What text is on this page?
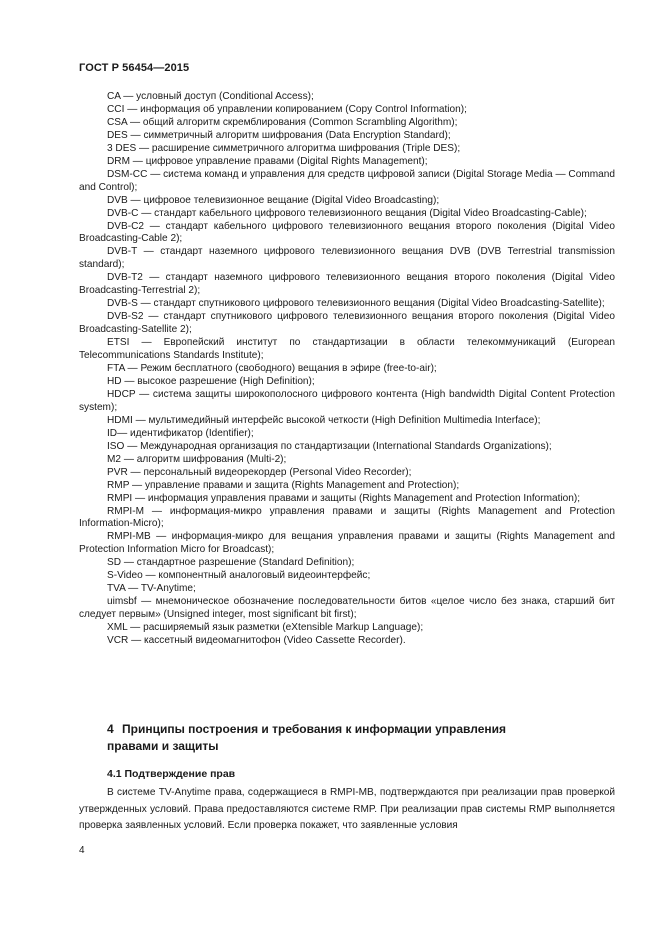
ГОСТ Р 56454—2015

CA — условный доступ (Conditional Access);

CCI — информация об управлении копированием (Copy Control Information);

CSA — общий алгоритм скремблирования (Common Scrambling Algorithm);

DES — симметричный алгоритм шифрования (Data Encryption Standard);

3 DES — расширение симметричного алгоритма шифрования (Triple DES);

DRM — цифровое управление правами (Digital Rights Management);

DSM-CC — система команд и управления для средств цифровой записи (Digital Storage Media — Command and Control);

DVB — цифровое телевизионное вещание (Digital Video Broadcasting);

DVB-C — стандарт кабельного цифрового телевизионного вещания (Digital Video Broadcasting-Cable);

DVB-C2 — стандарт кабельного цифрового телевизионного вещания второго поколения (Digital Video Broadcasting-Cable 2);

DVB-T — стандарт наземного цифрового телевизионного вещания DVB (DVB Terrestrial transmission standard);

DVB-T2 — стандарт наземного цифрового телевизионного вещания второго поколения (Digital Video Broadcasting-Terrestrial 2);

DVB-S — стандарт спутникового цифрового телевизионного вещания (Digital Video Broadcasting-Satellite);

DVB-S2 — стандарт спутникового цифрового телевизионного вещания второго поколения (Digital Video Broadcasting-Satellite 2);

ETSI — Европейский институт по стандартизации в области телекоммуникаций (European Telecommunications Standards Institute);

FTA — Режим бесплатного (свободного) вещания в эфире (free-to-air);

HD — высокое разрешение (High Definition);

HDCP — система защиты широкополосного цифрового контента (High bandwidth Digital Content Protection system);

HDMI — мультимедийный интерфейс высокой четкости (High Definition Multimedia Interface);

ID— идентификатор (Identifier);

ISO — Международная организация по стандартизации (International Standards Organizations);

M2 — алгоритм шифрования (Multi-2);

PVR — персональный видеорекордер (Personal Video Recorder);

RMP — управление правами и защита (Rights Management and Protection);

RMPI — информация управления правами и защиты (Rights Management and Protection Information);

RMPI-M — информация-микро управления правами и защиты (Rights Management and Protection Information-Micro);

RMPI-MB — информация-микро для вещания управления правами и защиты (Rights Management and Protection Information Micro for Broadcast);

SD — стандартное разрешение (Standard Definition);

S-Video — компонентный аналоговый видеоинтерфейс;

TVA — TV-Anytime;

uimsbf — мнемоническое обозначение последовательности битов «целое число без знака, старший бит следует первым» (Unsigned integer, most significant bit first);

XML — расширяемый язык разметки (eXtensible Markup Language);

VCR — кассетный видеомагнитофон (Video Cassette Recorder).

4 Принципы построения и требования к информации управления
правами и защиты
4.1 Подтверждение прав

В системе TV-Anytime права, содержащиеся в RMPI-MB, подтверждаются при реализации прав проверкой утвержденных условий. Права предоставляются системе RMP. При реализации прав системы RMP выполняется проверка заявленных условий. Если проверка покажет, что заявленные условия

4
